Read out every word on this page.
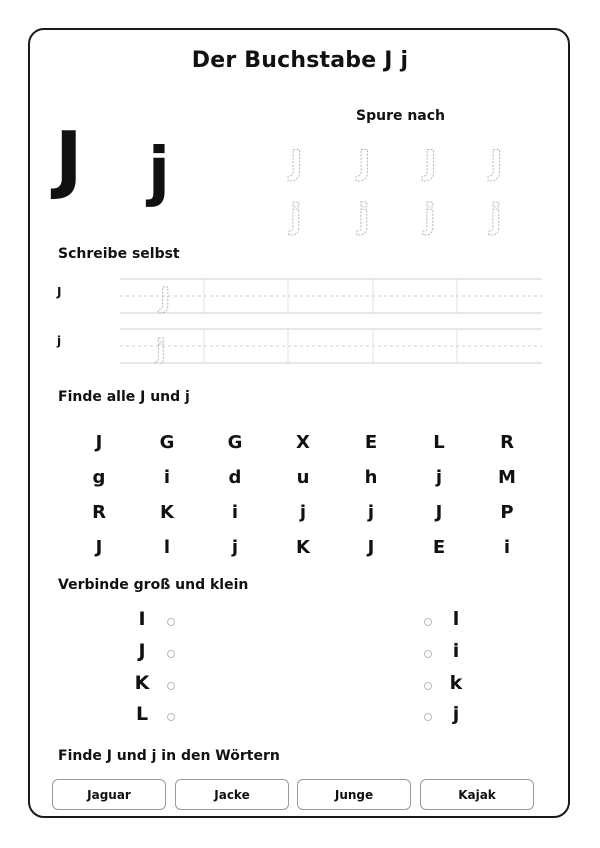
Der Buchstabe J j
J j
Spure nach
J J J J
j j j j
Schreibe selbst
J	J
j	j
Finde alle J und j
J	G	G	X	E	L	R
g	i	d	u	h	j	M
R	K	i	j	j	J	P
J	l	j	K	J	E	i
Verbinde groß und klein
I
J
K
L
l
i
k
j
Finde J und j in den Wörtern
Jaguar	Jacke	Junge	Kajak
